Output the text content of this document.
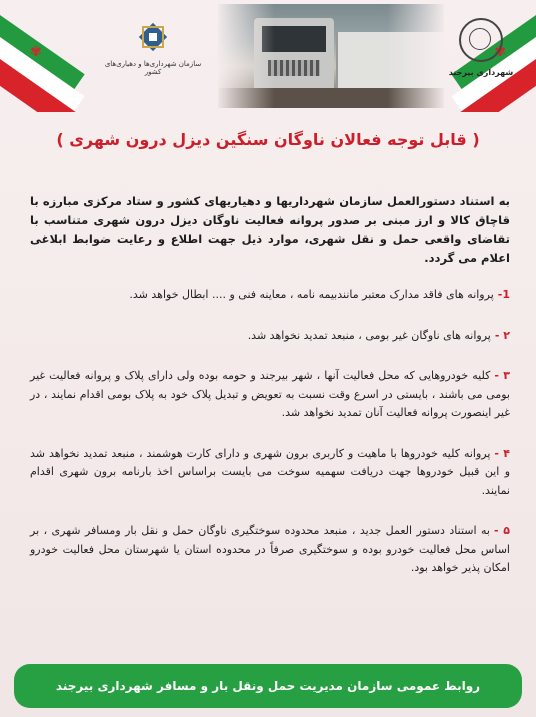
✾	✾
سازمان شهرداری‌ها و دهیاری‌های کشور	شهرداری بیرجند
( قابل توجه فعالان ناوگان سنگین دیزل درون شهری )
به استناد دستورالعمل سازمان شهرداریها و دهیاریهای کشور و ستاد مرکزی مبارزه با قاچاق کالا و ارز مبنی بر صدور پروانه فعالیت ناوگان دیزل درون شهری متناسب با تقاضای واقعی حمل و نقل شهری، موارد ذیل جهت اطلاع و رعایت ضوابط ابلاغی اعلام می گردد.
1-پروانه های فاقد مدارک معتبر مانندبیمه نامه ، معاینه فنی و .... ابطال خواهد شد.
۲ -پروانه های ناوگان غیر بومی ، منبعد تمدید نخواهد شد.
۳ -کلیه خودروهایی که محل فعالیت آنها ، شهر بیرجند و حومه بوده ولی دارای پلاک و پروانه فعالیت غیر بومی می باشند ، بایستی در اسرع وقت نسبت به تعویض و تبدیل پلاک خود به پلاک بومی اقدام نمایند ، در غیر اینصورت پروانه فعالیت آنان تمدید نخواهد شد.
۴ -پروانه کلیه خودروها با ماهیت و کاربری برون شهری و دارای کارت هوشمند ، منبعد تمدید نخواهد شد و این قبیل خودروها جهت دریافت سهمیه سوخت می بایست براساس اخذ بارنامه برون شهری اقدام نمایند.
۵ -به استناد دستور العمل جدید ، منبعد محدوده سوختگیری ناوگان حمل و نقل بار ومسافر شهری ، بر اساس محل فعالیت خودرو بوده و سوختگیری صرفاً در محدوده استان یا شهرستان محل فعالیت خودرو امکان پذیر خواهد بود.
روابط عمومی سازمان مدیریت حمل ونقل بار و مسافر شهرداری بیرجند
